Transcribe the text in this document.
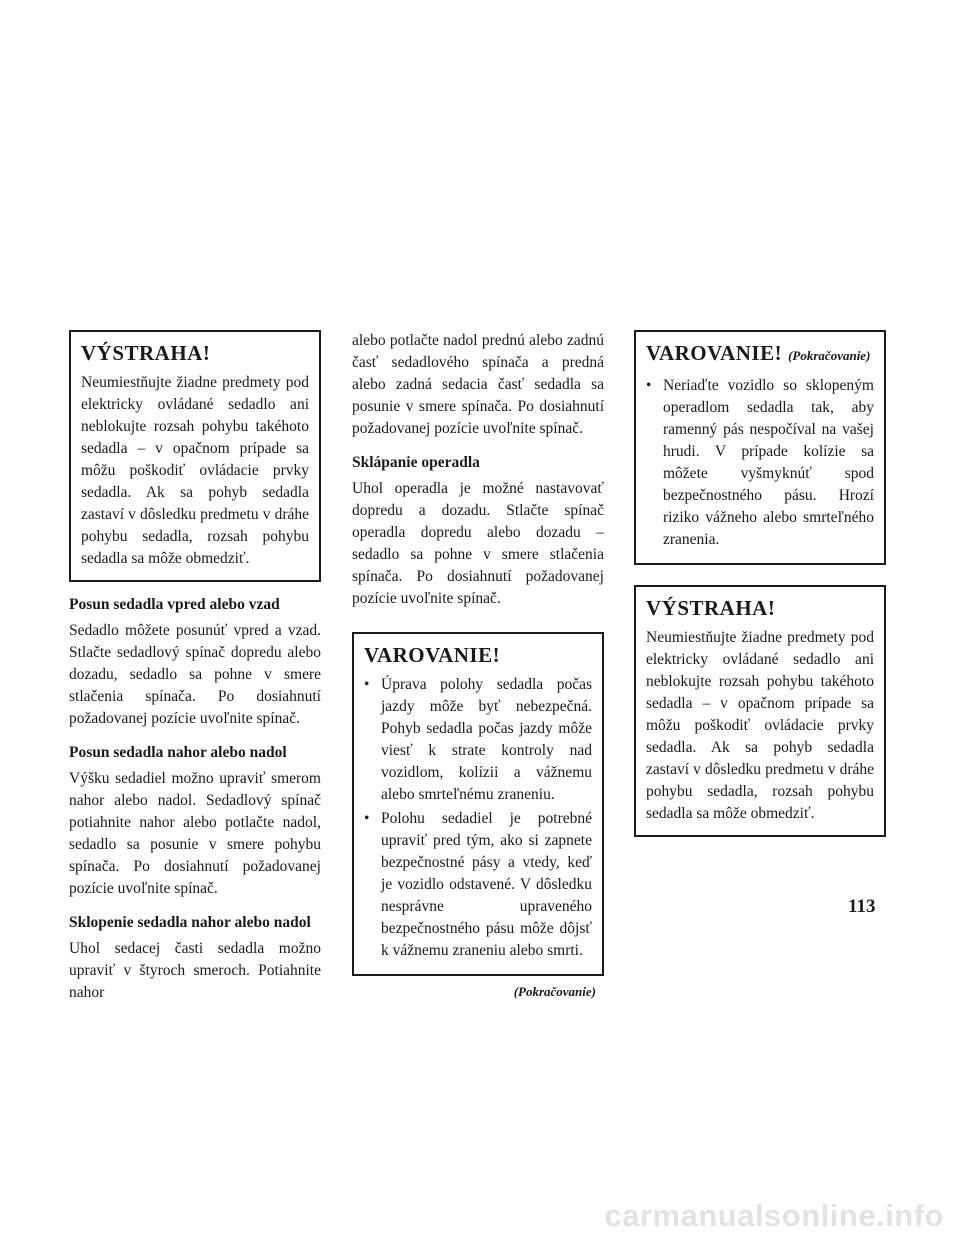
VÝSTRAHA!

Neumiestňujte žiadne predmety pod elektricky ovládané sedadlo ani neblokujte rozsah pohybu takéhoto sedadla – v opačnom prípade sa môžu poškodiť ovládacie prvky sedadla. Ak sa pohyb sedadla zastaví v dôsledku predmetu v dráhe pohybu sedadla, rozsah pohybu sedadla sa môže obmedziť.

Posun sedadla vpred alebo vzad

Sedadlo môžete posunúť vpred a vzad. Stlačte sedadlový spínač dopredu alebo dozadu, sedadlo sa pohne v smere stlačenia spínača. Po dosiahnutí požadovanej pozície uvoľnite spínač.

Posun sedadla nahor alebo nadol

Výšku sedadiel možno upraviť smerom nahor alebo nadol. Sedadlový spínač potiahnite nahor alebo potlačte nadol, sedadlo sa posunie v smere pohybu spínača. Po dosiahnutí požadovanej pozície uvoľnite spínač.

Sklopenie sedadla nahor alebo nadol

Uhol sedacej časti sedadla možno upraviť v štyroch smeroch. Potiahnite nahor

alebo potlačte nadol prednú alebo zadnú časť sedadlového spínača a predná alebo zadná sedacia časť sedadla sa posunie v smere spínača. Po dosiahnutí požadovanej pozície uvoľnite spínač.

Sklápanie operadla

Uhol operadla je možné nastavovať dopredu a dozadu. Stlačte spínač operadla dopredu alebo dozadu – sedadlo sa pohne v smere stlačenia spínača. Po dosiahnutí požadovanej pozície uvoľnite spínač.

VAROVANIE!
• Úprava polohy sedadla počas jazdy môže byť nebezpečná. Pohyb sedadla počas jazdy môže viesť k strate kontroly nad vozidlom, kolízii a vážnemu alebo smrteľnému zraneniu.
• Polohu sedadiel je potrebné upraviť pred tým, ako si zapnete bezpečnostné pásy a vtedy, keď je vozidlo odstavené. V dôsledku nesprávne upraveného bezpečnostného pásu môže dôjsť k vážnemu zraneniu alebo smrti.
(Pokračovanie)
VAROVANIE! (Pokračovanie)
• Neriaďte vozidlo so sklopeným operadlom sedadla tak, aby ramenný pás nespočíval na vašej hrudi. V prípade kolízie sa môžete vyšmyknúť spod bezpečnostného pásu. Hrozí riziko vážneho alebo smrteľného zranenia.
VÝSTRAHA!

Neumiestňujte žiadne predmety pod elektricky ovládané sedadlo ani neblokujte rozsah pohybu takéhoto sedadla – v opačnom prípade sa môžu poškodiť ovládacie prvky sedadla. Ak sa pohyb sedadla zastaví v dôsledku predmetu v dráhe pohybu sedadla, rozsah pohybu sedadla sa môže obmedziť.

113
carmanualsonline.info
